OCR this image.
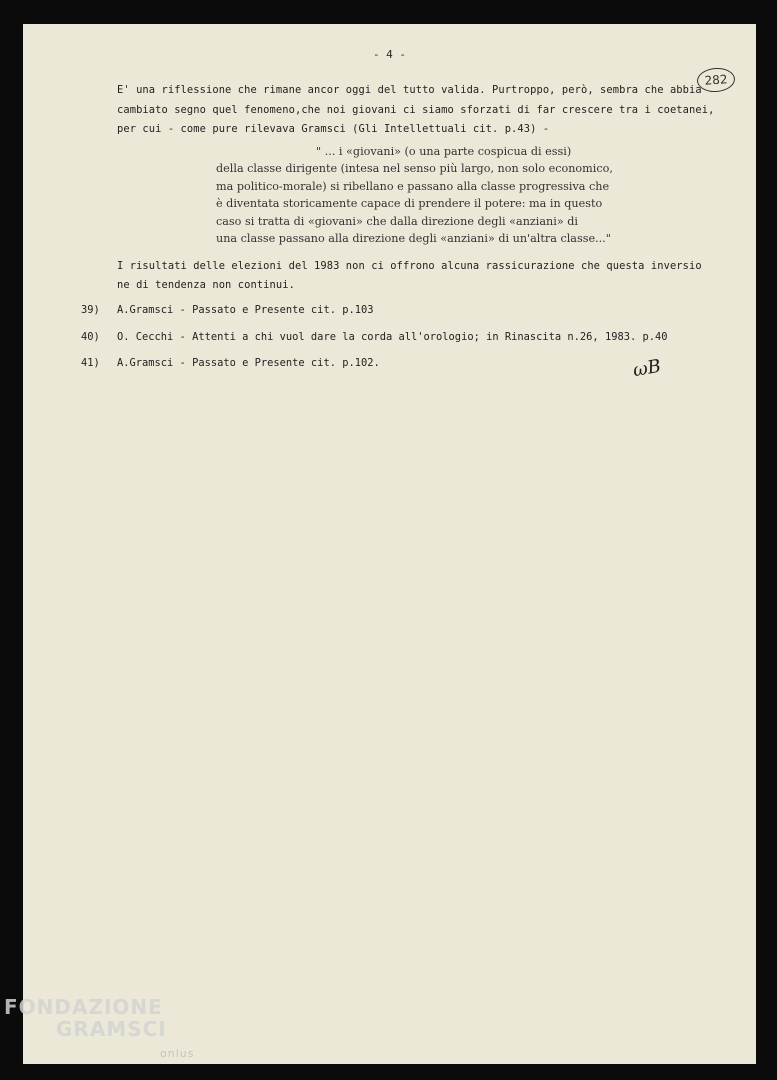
- 4 -
282
E' una riflessione che rimane ancor oggi del tutto valida. Purtroppo, però, sembra che abbia
cambiato segno quel fenomeno,che noi giovani ci siamo sforzati di far crescere tra i coetanei,
per cui - come pure rilevava Gramsci (Gli Intellettuali cit. p.43) -
" ... i «giovani» (o una parte cospicua di essi)
della classe dirigente (intesa nel senso più largo, non solo economico,
ma politico-morale) si ribellano e passano alla classe progressiva che
è diventata storicamente capace di prendere il potere: ma in questo
caso si tratta di «giovani» che dalla direzione degli «anziani» di
una classe passano alla direzione degli «anziani» di un'altra classe..."
I risultati delle elezioni del 1983 non ci offrono alcuna rassicurazione che questa inversio
ne di tendenza non continui.
39) A.Gramsci - Passato e Presente cit. p.103
40) O. Cecchi - Attenti a chi vuol dare la corda all'orologio; in Rinascita n.26, 1983. p.40
41) A.Gramsci - Passato e Presente cit. p.102.	ωB
FONDAZIONE
GRAMSCI
onlus
